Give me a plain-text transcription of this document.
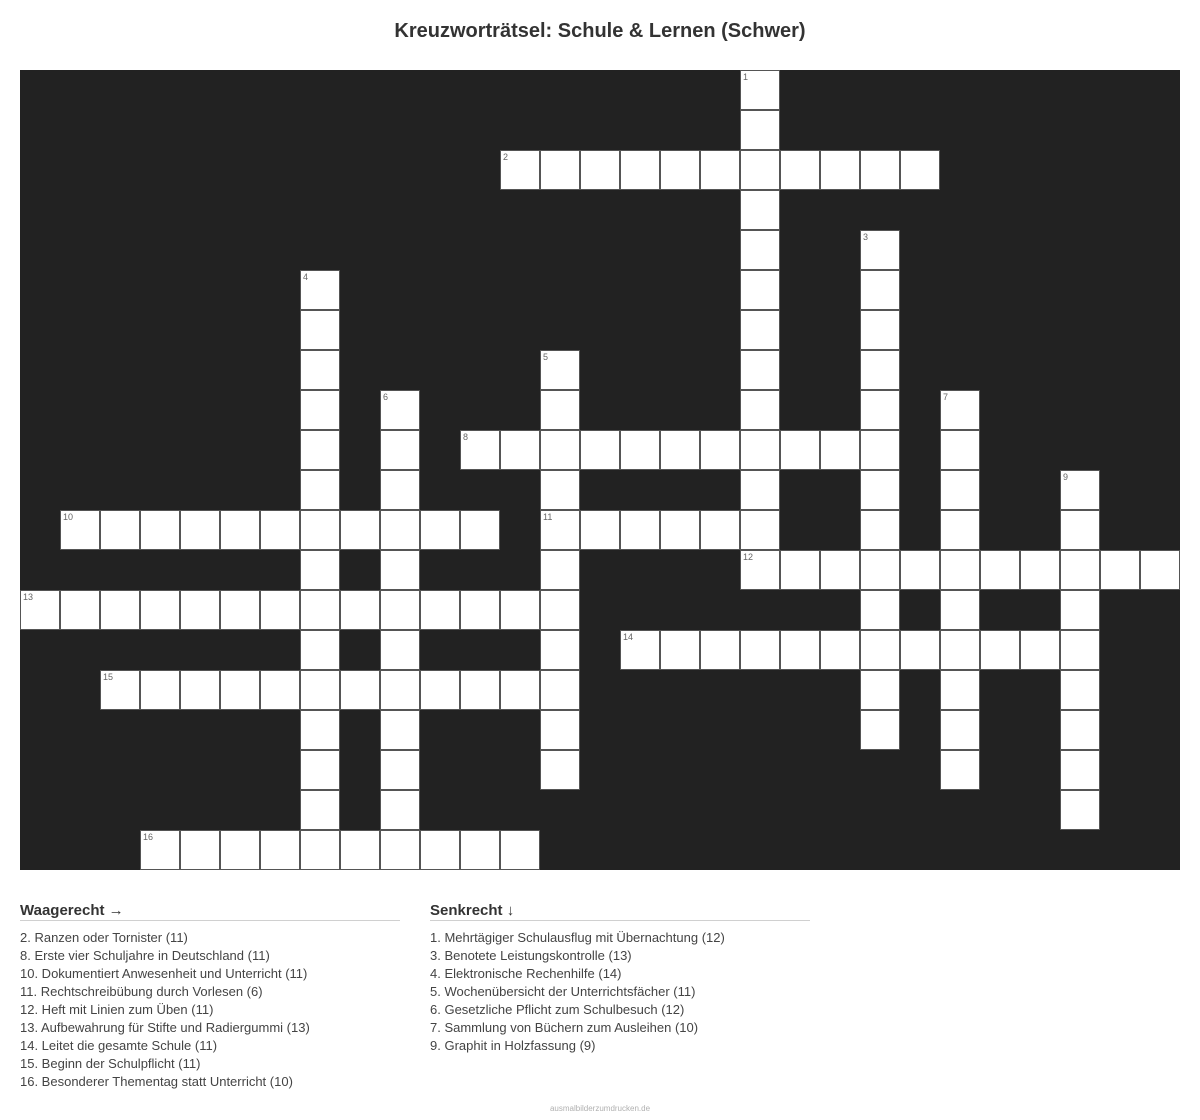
Kreuzworträtsel: Schule & Lernen (Schwer)
1
2
3
4
5
11
6	7
8
9
10
12
13
14
15
16
Waagerecht →
2. Ranzen oder Tornister (11)
8. Erste vier Schuljahre in Deutschland (11)
10. Dokumentiert Anwesenheit und Unterricht (11)
11. Rechtschreibübung durch Vorlesen (6)
12. Heft mit Linien zum Üben (11)
13. Aufbewahrung für Stifte und Radiergummi (13)
14. Leitet die gesamte Schule (11)
15. Beginn der Schulpflicht (11)
16. Besonderer Thementag statt Unterricht (10)
Senkrecht ↓
1. Mehrtägiger Schulausflug mit Übernachtung (12)
3. Benotete Leistungskontrolle (13)
4. Elektronische Rechenhilfe (14)
5. Wochenübersicht der Unterrichtsfächer (11)
6. Gesetzliche Pflicht zum Schulbesuch (12)
7. Sammlung von Büchern zum Ausleihen (10)
9. Graphit in Holzfassung (9)
ausmalbilderzumdrucken.de
